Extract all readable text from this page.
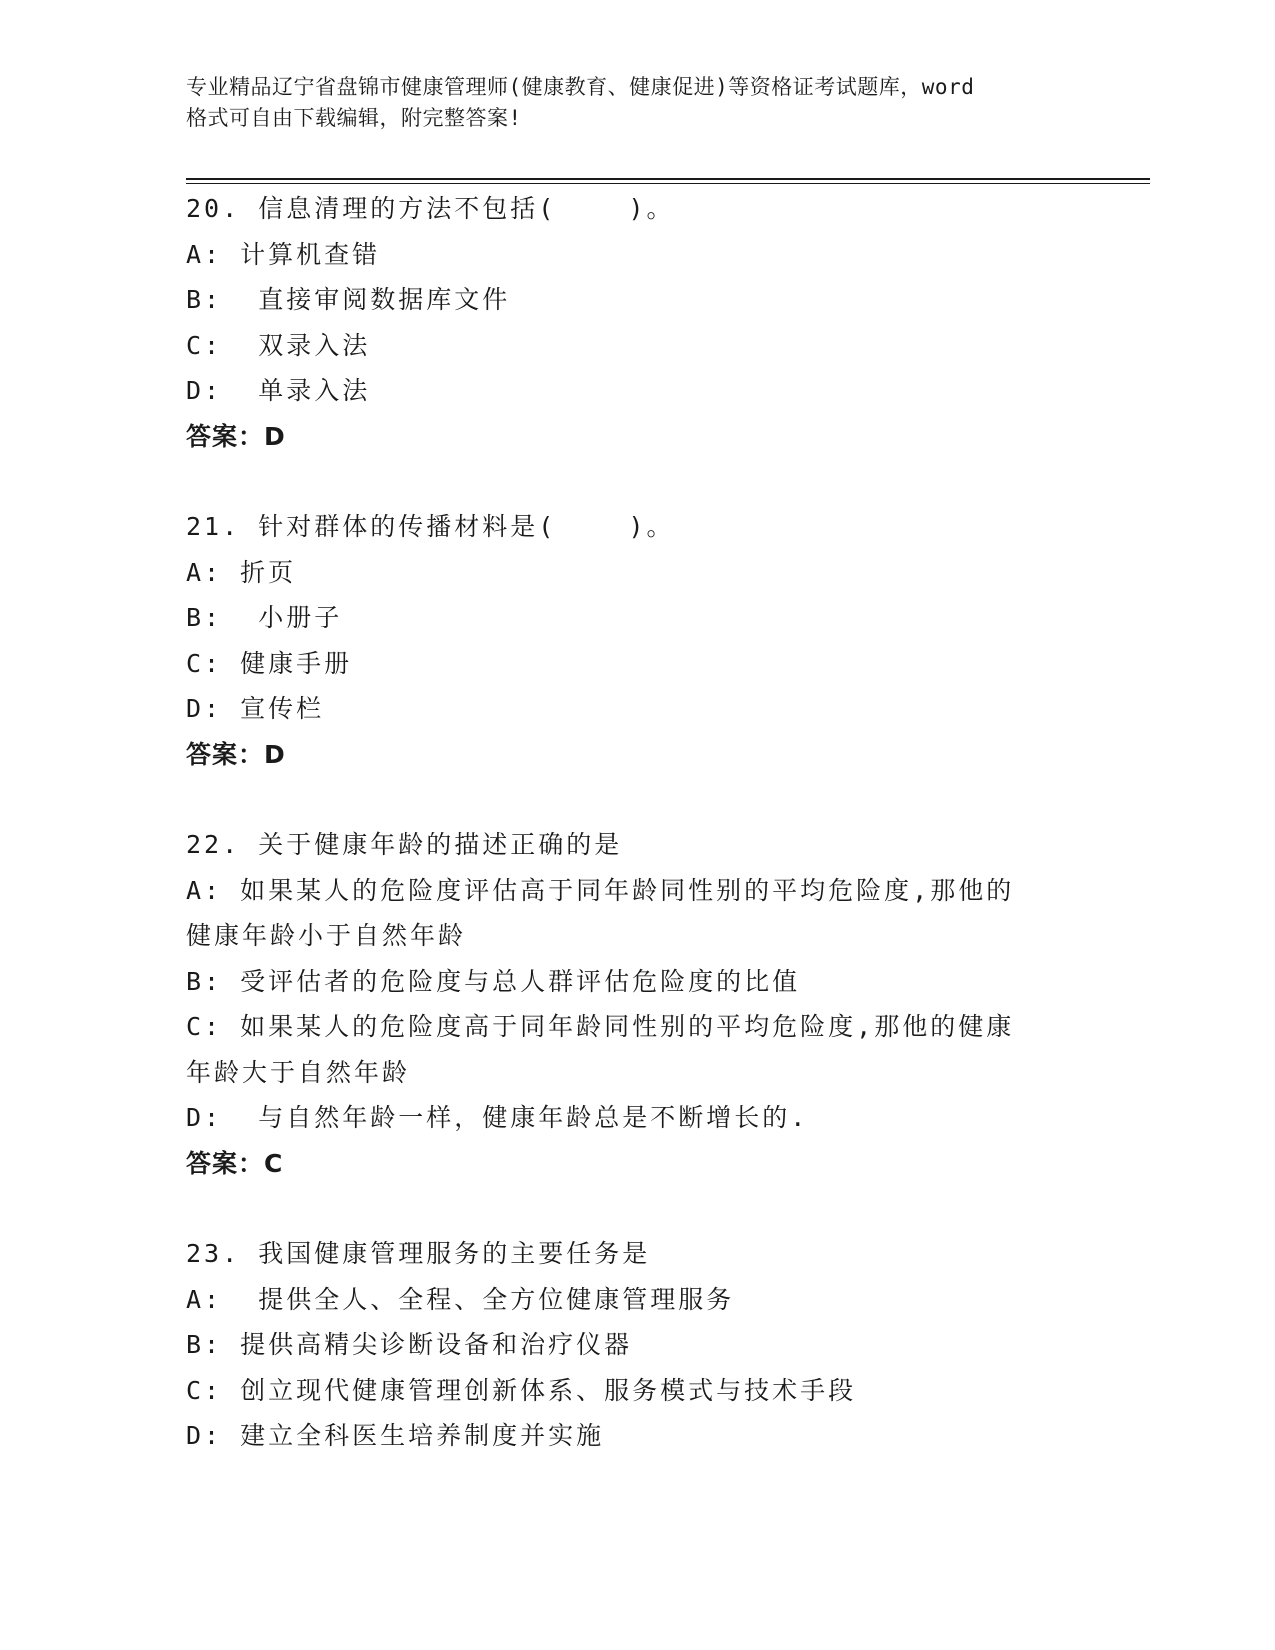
专业精品辽宁省盘锦市健康管理师(健康教育、健康促进)等资格证考试题库，word
格式可自由下载编辑，附完整答案!
20. 信息清理的方法不包括(    )。
A: 计算机查错
B:  直接审阅数据库文件
C:  双录入法
D:  单录入法
答案：D
21. 针对群体的传播材料是(    )。
A: 折页
B:  小册子
C: 健康手册
D: 宣传栏
答案：D
22. 关于健康年龄的描述正确的是
A: 如果某人的危险度评估高于同年龄同性别的平均危险度,那他的健康年龄小于自然年龄
B: 受评估者的危险度与总人群评估危险度的比值
C: 如果某人的危险度高于同年龄同性别的平均危险度,那他的健康年龄大于自然年龄
D:  与自然年龄一样，健康年龄总是不断增长的.
答案：C
23. 我国健康管理服务的主要任务是
A:  提供全人、全程、全方位健康管理服务
B: 提供高精尖诊断设备和治疗仪器
C: 创立现代健康管理创新体系、服务模式与技术手段
D: 建立全科医生培养制度并实施
